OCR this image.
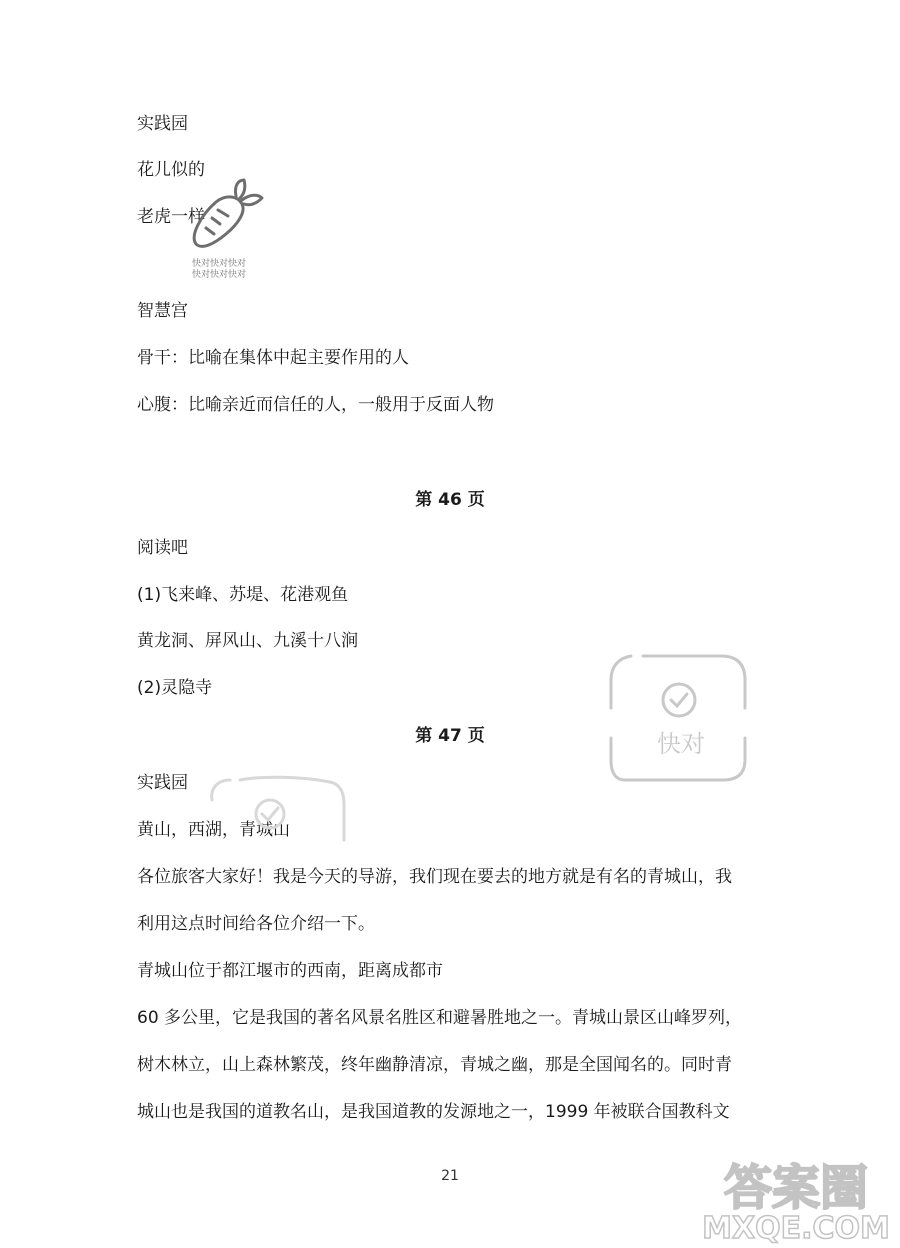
实践园
花儿似的
老虎一样
智慧宫
骨干：比喻在集体中起主要作用的人
心腹：比喻亲近而信任的人，一般用于反面人物
第 46 页
阅读吧
(1)飞来峰、苏堤、花港观鱼
黄龙洞、屏风山、九溪十八涧
(2)灵隐寺
第 47 页
实践园
黄山，西湖，青城山
各位旅客大家好！我是今天的导游，我们现在要去的地方就是有名的青城山，我
利用这点时间给各位介绍一下。
青城山位于都江堰市的西南，距离成都市
60 多公里，它是我国的著名风景名胜区和避暑胜地之一。青城山景区山峰罗列，
树木林立，山上森林繁茂，终年幽静清凉，青城之幽，那是全国闻名的。同时青
城山也是我国的道教名山，是我国道教的发源地之一，1999 年被联合国教科文
21
快对快对快对
快对快对快对
快对
答案圈
MXQE.COM
